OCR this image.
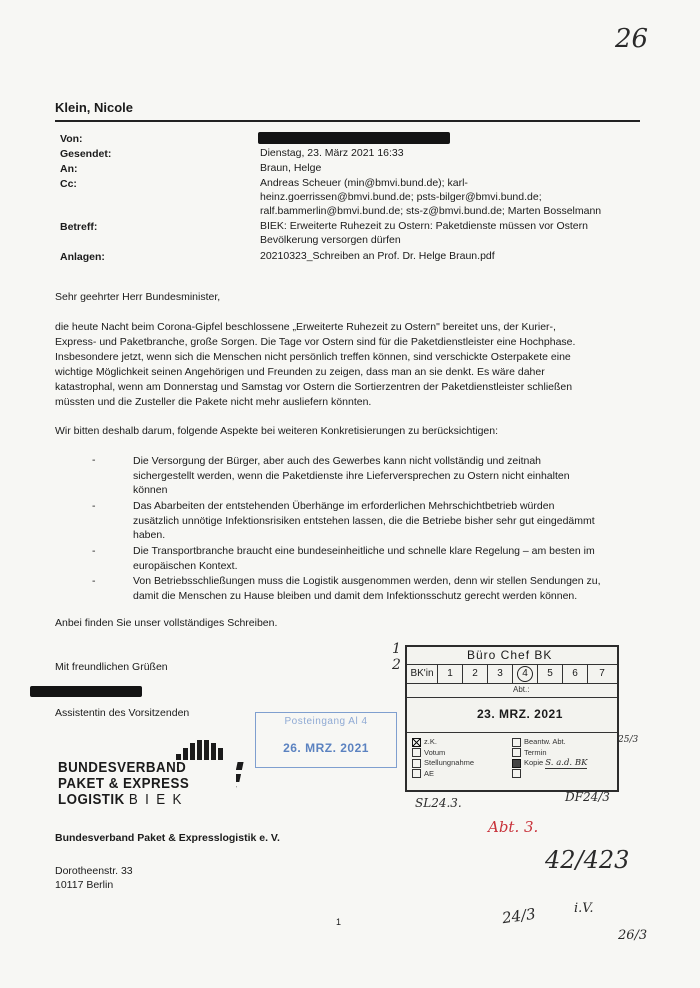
26
Klein, Nicole
Von:
Gesendet:	Dienstag, 23. März 2021 16:33
An:	Braun, Helge
Cc:	Andreas Scheuer (min@bmvi.bund.de); karl-
heinz.goerrissen@bmvi.bund.de; psts-bilger@bmvi.bund.de;
ralf.bammerlin@bmvi.bund.de; sts-z@bmvi.bund.de; Marten Bosselmann
Betreff:	BIEK: Erweiterte Ruhezeit zu Ostern: Paketdienste müssen vor Ostern
Bevölkerung versorgen dürfen
Anlagen:	20210323_Schreiben an Prof. Dr. Helge Braun.pdf
Sehr geehrter Herr Bundesminister,
die heute Nacht beim Corona-Gipfel beschlossene „Erweiterte Ruhezeit zu Ostern" bereitet uns, der Kurier-,
Express- und Paketbranche, große Sorgen. Die Tage vor Ostern sind für die Paketdienstleister eine Hochphase.
Insbesondere jetzt, wenn sich die Menschen nicht persönlich treffen können, sind verschickte Osterpakete eine
wichtige Möglichkeit seinen Angehörigen und Freunden zu zeigen, dass man an sie denkt. Es wäre daher
katastrophal, wenn am Donnerstag und Samstag vor Ostern die Sortierzentren der Paketdienstleister schließen
müssten und die Zusteller die Pakete nicht mehr ausliefern könnten.
Wir bitten deshalb darum, folgende Aspekte bei weiteren Konkretisierungen zu berücksichtigen:
-	Die Versorgung der Bürger, aber auch des Gewerbes kann nicht vollständig und zeitnah
sichergestellt werden, wenn die Paketdienste ihre Lieferversprechen zu Ostern nicht einhalten
können
-	Das Abarbeiten der entstehenden Überhänge im erforderlichen Mehrschichtbetrieb würden
zusätzlich unnötige Infektionsrisiken entstehen lassen, die die Betriebe bisher sehr gut eingedämmt
haben.
-	Die Transportbranche braucht eine bundeseinheitliche und schnelle klare Regelung – am besten im
europäischen Kontext.
-	Von Betriebsschließungen muss die Logistik ausgenommen werden, denn wir stellen Sendungen zu,
damit die Menschen zu Hause bleiben und damit dem Infektionsschutz gerecht werden können.
Anbei finden Sie unser vollständiges Schreiben.
Mit freundlichen Grüßen
Assistentin des Vorsitzenden
BUNDESVERBAND
PAKET & EXPRESS
LOGISTIK B I E K
Bundesverband Paket & Expresslogistik e. V.
Dorotheenstr. 33
10117 Berlin
1
1
2
Büro Chef BK
BK'in	1	2	3	4	5	6	7
Abt.:
23. MRZ. 2021
z.K.
Votum
Stellungnahme
AE
Beantw. Abt.
Termin
Kopie S. a.d. BK
25/3
Posteingang Al 4
26. MRZ. 2021
SL24.3.	DF24/3
Abt. 3.
42/423
24/3	i.V.
26/3
